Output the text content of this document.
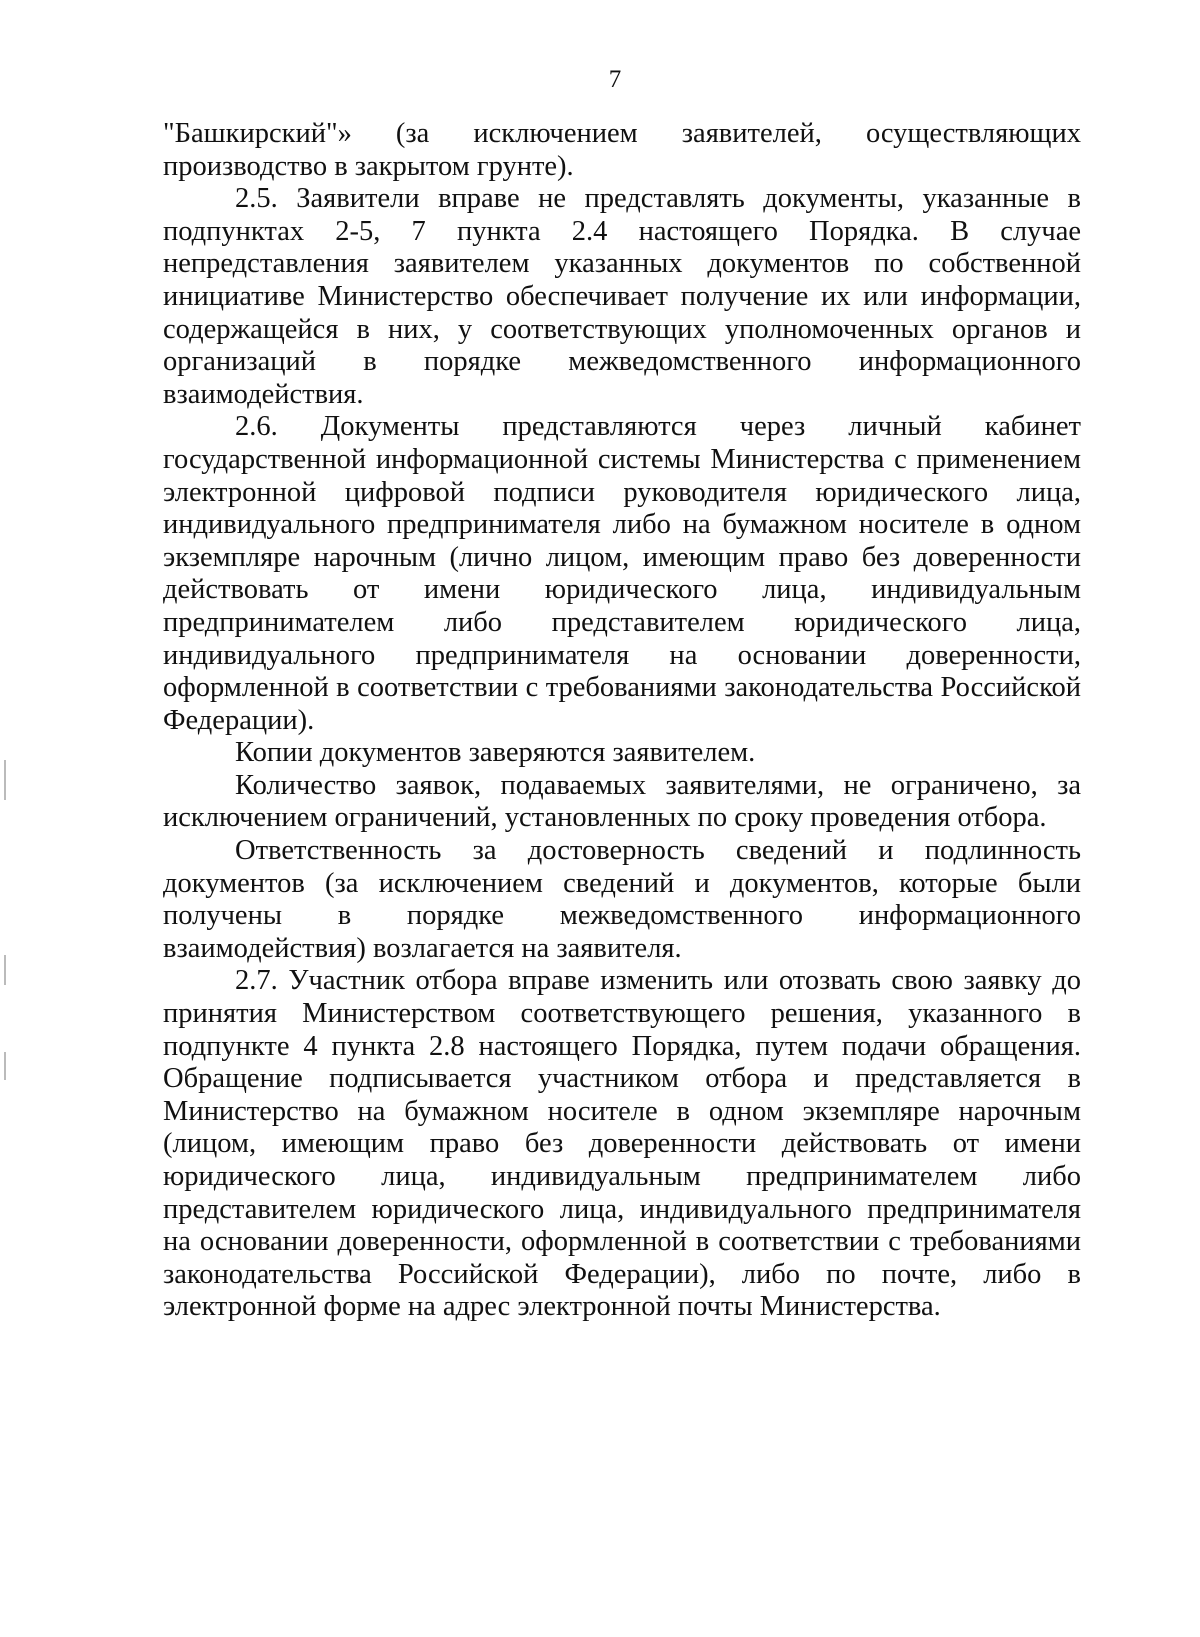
7

"Башкирский"» (за исключением заявителей, осуществляющих производство в закрытом грунте).

2.5. Заявители вправе не представлять документы, указанные в подпунктах 2-5, 7 пункта 2.4 настоящего Порядка. В случае непредставления заявителем указанных документов по собственной инициативе Министерство обеспечивает получение их или информации, содержащейся в них, у соответствующих уполномоченных органов и организаций в порядке межведомственного информационного взаимодействия.

2.6. Документы представляются через личный кабинет государственной информационной системы Министерства с применением электронной цифровой подписи руководителя юридического лица, индивидуального предпринимателя либо на бумажном носителе в одном экземпляре нарочным (лично лицом, имеющим право без доверенности действовать от имени юридического лица, индивидуальным предпринимателем либо представителем юридического лица, индивидуального предпринимателя на основании доверенности, оформленной в соответствии с требованиями законодательства Российской Федерации).

Копии документов заверяются заявителем.

Количество заявок, подаваемых заявителями, не ограничено, за исключением ограничений, установленных по сроку проведения отбора.

Ответственность за достоверность сведений и подлинность документов (за исключением сведений и документов, которые были получены в порядке межведомственного информационного взаимодействия) возлагается на заявителя.

2.7. Участник отбора вправе изменить или отозвать свою заявку до принятия Министерством соответствующего решения, указанного в подпункте 4 пункта 2.8 настоящего Порядка, путем подачи обращения. Обращение подписывается участником отбора и представляется в Министерство на бумажном носителе в одном экземпляре нарочным (лицом, имеющим право без доверенности действовать от имени юридического лица, индивидуальным предпринимателем либо представителем юридического лица, индивидуального предпринимателя на основании доверенности, оформленной в соответствии с требованиями законодательства Российской Федерации), либо по почте, либо в электронной форме на адрес электронной почты Министерства.
